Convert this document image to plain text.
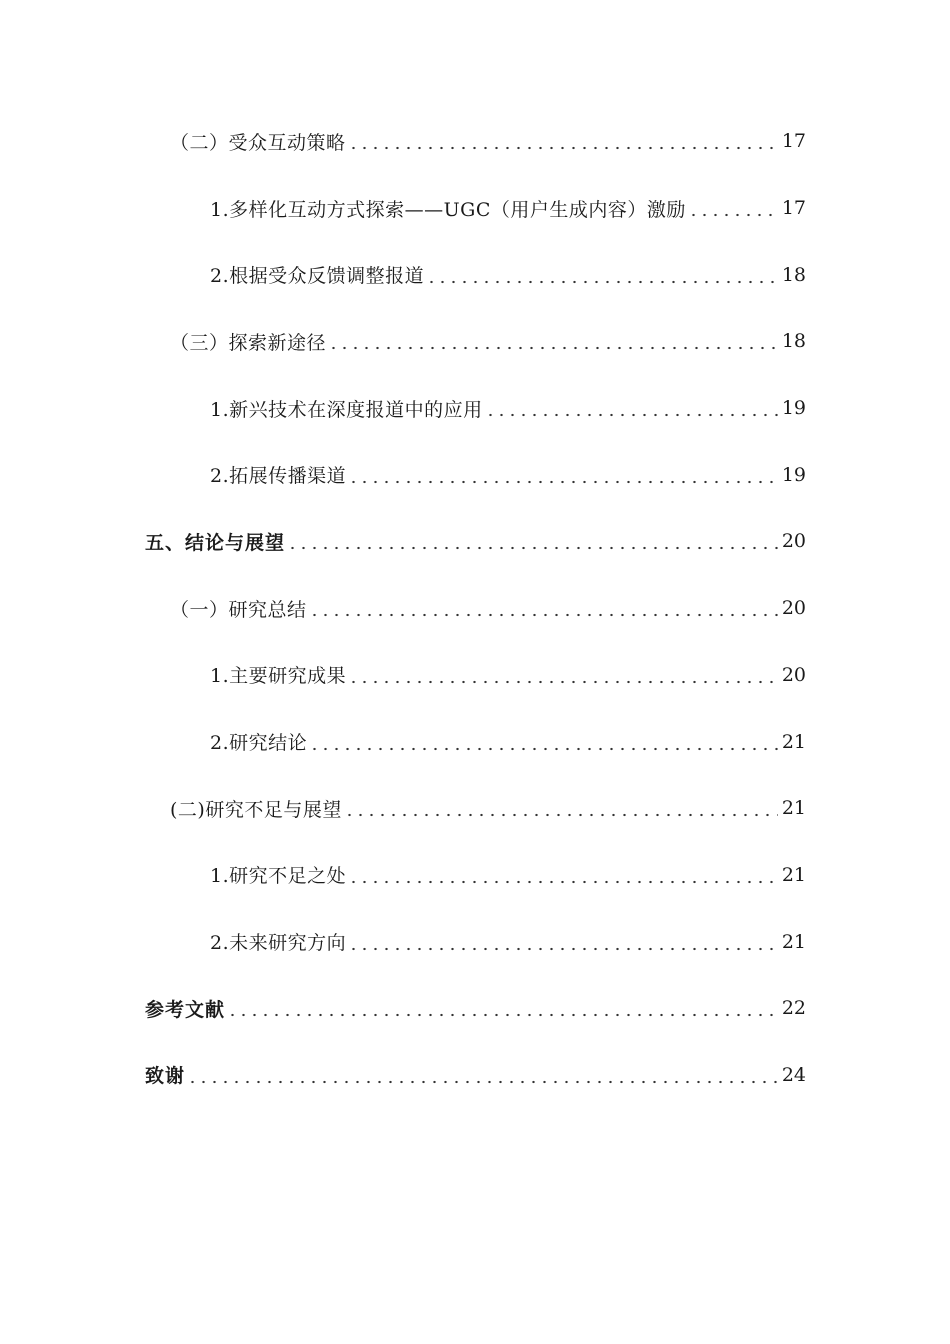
（二）受众互动策略	17
1.多样化互动方式探索——UGC（用户生成内容）激励	17
2.根据受众反馈调整报道	18
（三）探索新途径	18
1.新兴技术在深度报道中的应用	19
2.拓展传播渠道	19
五、结论与展望	20
（一）研究总结	20
1.主要研究成果	20
2.研究结论	21
(二)研究不足与展望	21
1.研究不足之处	21
2.未来研究方向	21
参考文献	22
致谢	24
